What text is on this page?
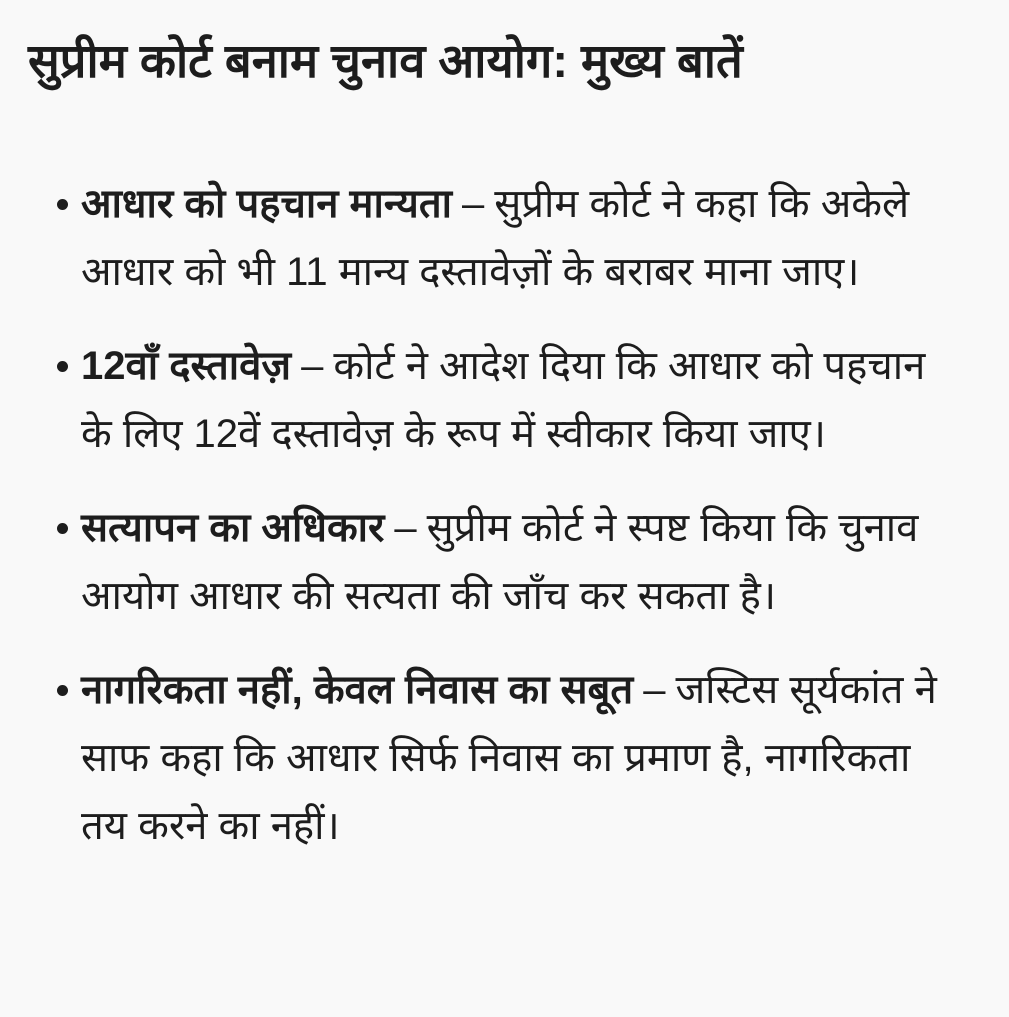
सुप्रीम कोर्ट बनाम चुनाव आयोग: मुख्य बातें
आधार को पहचान मान्यता – सुप्रीम कोर्ट ने कहा कि अकेले आधार को भी 11 मान्य दस्तावेज़ों के बराबर माना जाए।
12वाँ दस्तावेज़ – कोर्ट ने आदेश दिया कि आधार को पहचान के लिए 12वें दस्तावेज़ के रूप में स्वीकार किया जाए।
सत्यापन का अधिकार – सुप्रीम कोर्ट ने स्पष्ट किया कि चुनाव आयोग आधार की सत्यता की जाँच कर सकता है।
नागरिकता नहीं, केवल निवास का सबूत – जस्टिस सूर्यकांत ने साफ कहा कि आधार सिर्फ निवास का प्रमाण है, नागरिकता तय करने का नहीं।
